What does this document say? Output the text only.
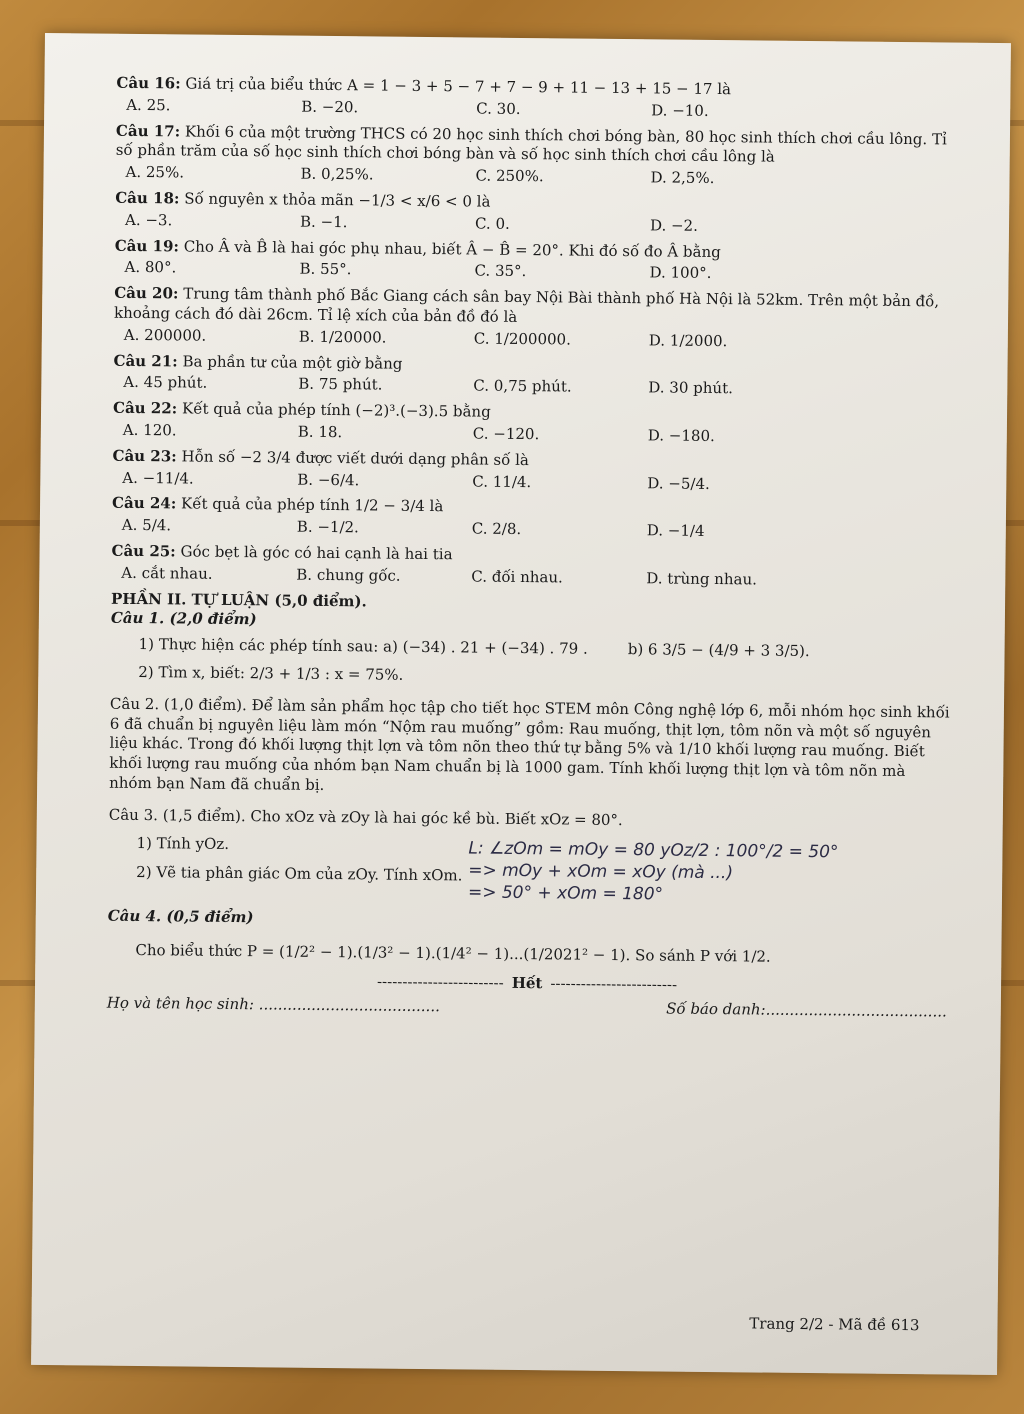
Câu 16: Giá trị của biểu thức A = 1 − 3 + 5 − 7 + 7 − 9 + 11 − 13 + 15 − 17 là
A. 25.	B. −20.	C. 30.	D. −10.
Câu 17: Khối 6 của một trường THCS có 20 học sinh thích chơi bóng bàn, 80 học sinh thích chơi cầu lông. Tỉ số phần trăm của số học sinh thích chơi bóng bàn và số học sinh thích chơi cầu lông là
A. 25%.	B. 0,25%.	C. 250%.	D. 2,5%.
Câu 18: Số nguyên x thỏa mãn −1/3 < x/6 < 0 là
A. −3.	B. −1.	C. 0.	D. −2.
Câu 19: Cho Â và B̂ là hai góc phụ nhau, biết Â − B̂ = 20°. Khi đó số đo Â bằng
A. 80°.	B. 55°.	C. 35°.	D. 100°.
Câu 20: Trung tâm thành phố Bắc Giang cách sân bay Nội Bài thành phố Hà Nội là 52km. Trên một bản đồ, khoảng cách đó dài 26cm. Tỉ lệ xích của bản đồ đó là
A. 200000.	B. 1/20000.	C. 1/200000.	D. 1/2000.
Câu 21: Ba phần tư của một giờ bằng
A. 45 phút.	B. 75 phút.	C. 0,75 phút.	D. 30 phút.
Câu 22: Kết quả của phép tính (−2)³.(−3).5 bằng
A. 120.	B. 18.	C. −120.	D. −180.
Câu 23: Hỗn số −2 3/4 được viết dưới dạng phân số là
A. −11/4.	B. −6/4.	C. 11/4.	D. −5/4.
Câu 24: Kết quả của phép tính 1/2 − 3/4 là
A. 5/4.	B. −1/2.	C. 2/8.	D. −1/4
Câu 25: Góc bẹt là góc có hai cạnh là hai tia
A. cắt nhau.	B. chung gốc.	C. đối nhau.	D. trùng nhau.
PHẦN II. TỰ LUẬN (5,0 điểm).
Câu 1. (2,0 điểm)
1) Thực hiện các phép tính sau: a) (−34) . 21 + (−34) . 79 .	b) 6 3/5 − (4/9 + 3 3/5).
2) Tìm x, biết: 2/3 + 1/3 : x = 75%.
Câu 2. (1,0 điểm). Để làm sản phẩm học tập cho tiết học STEM môn Công nghệ lớp 6, mỗi nhóm học sinh khối 6 đã chuẩn bị nguyên liệu làm món “Nộm rau muống” gồm: Rau muống, thịt lợn, tôm nõn và một số nguyên liệu khác. Trong đó khối lượng thịt lợn và tôm nõn theo thứ tự bằng 5% và 1/10 khối lượng rau muống. Biết khối lượng rau muống của nhóm bạn Nam chuẩn bị là 1000 gam. Tính khối lượng thịt lợn và tôm nõn mà nhóm bạn Nam đã chuẩn bị.
Câu 3. (1,5 điểm). Cho xOz và zOy là hai góc kề bù. Biết xOz = 80°.
1) Tính yOz.
2) Vẽ tia phân giác Om của zOy. Tính xOm.
L: ∠zOm = mOy = 80 yOz/2 : 100°/2 = 50°
=> mOy + xOm = xOy (mà ...)
=> 50° + xOm = 180°
Câu 4. (0,5 điểm)
Cho biểu thức P = (1/2² − 1).(1/3² − 1).(1/4² − 1)...(1/2021² − 1). So sánh P với 1/2.
------------------------- Hết -------------------------
Họ và tên học sinh: ......................................	Số báo danh:......................................
Trang 2/2 - Mã đề 613
